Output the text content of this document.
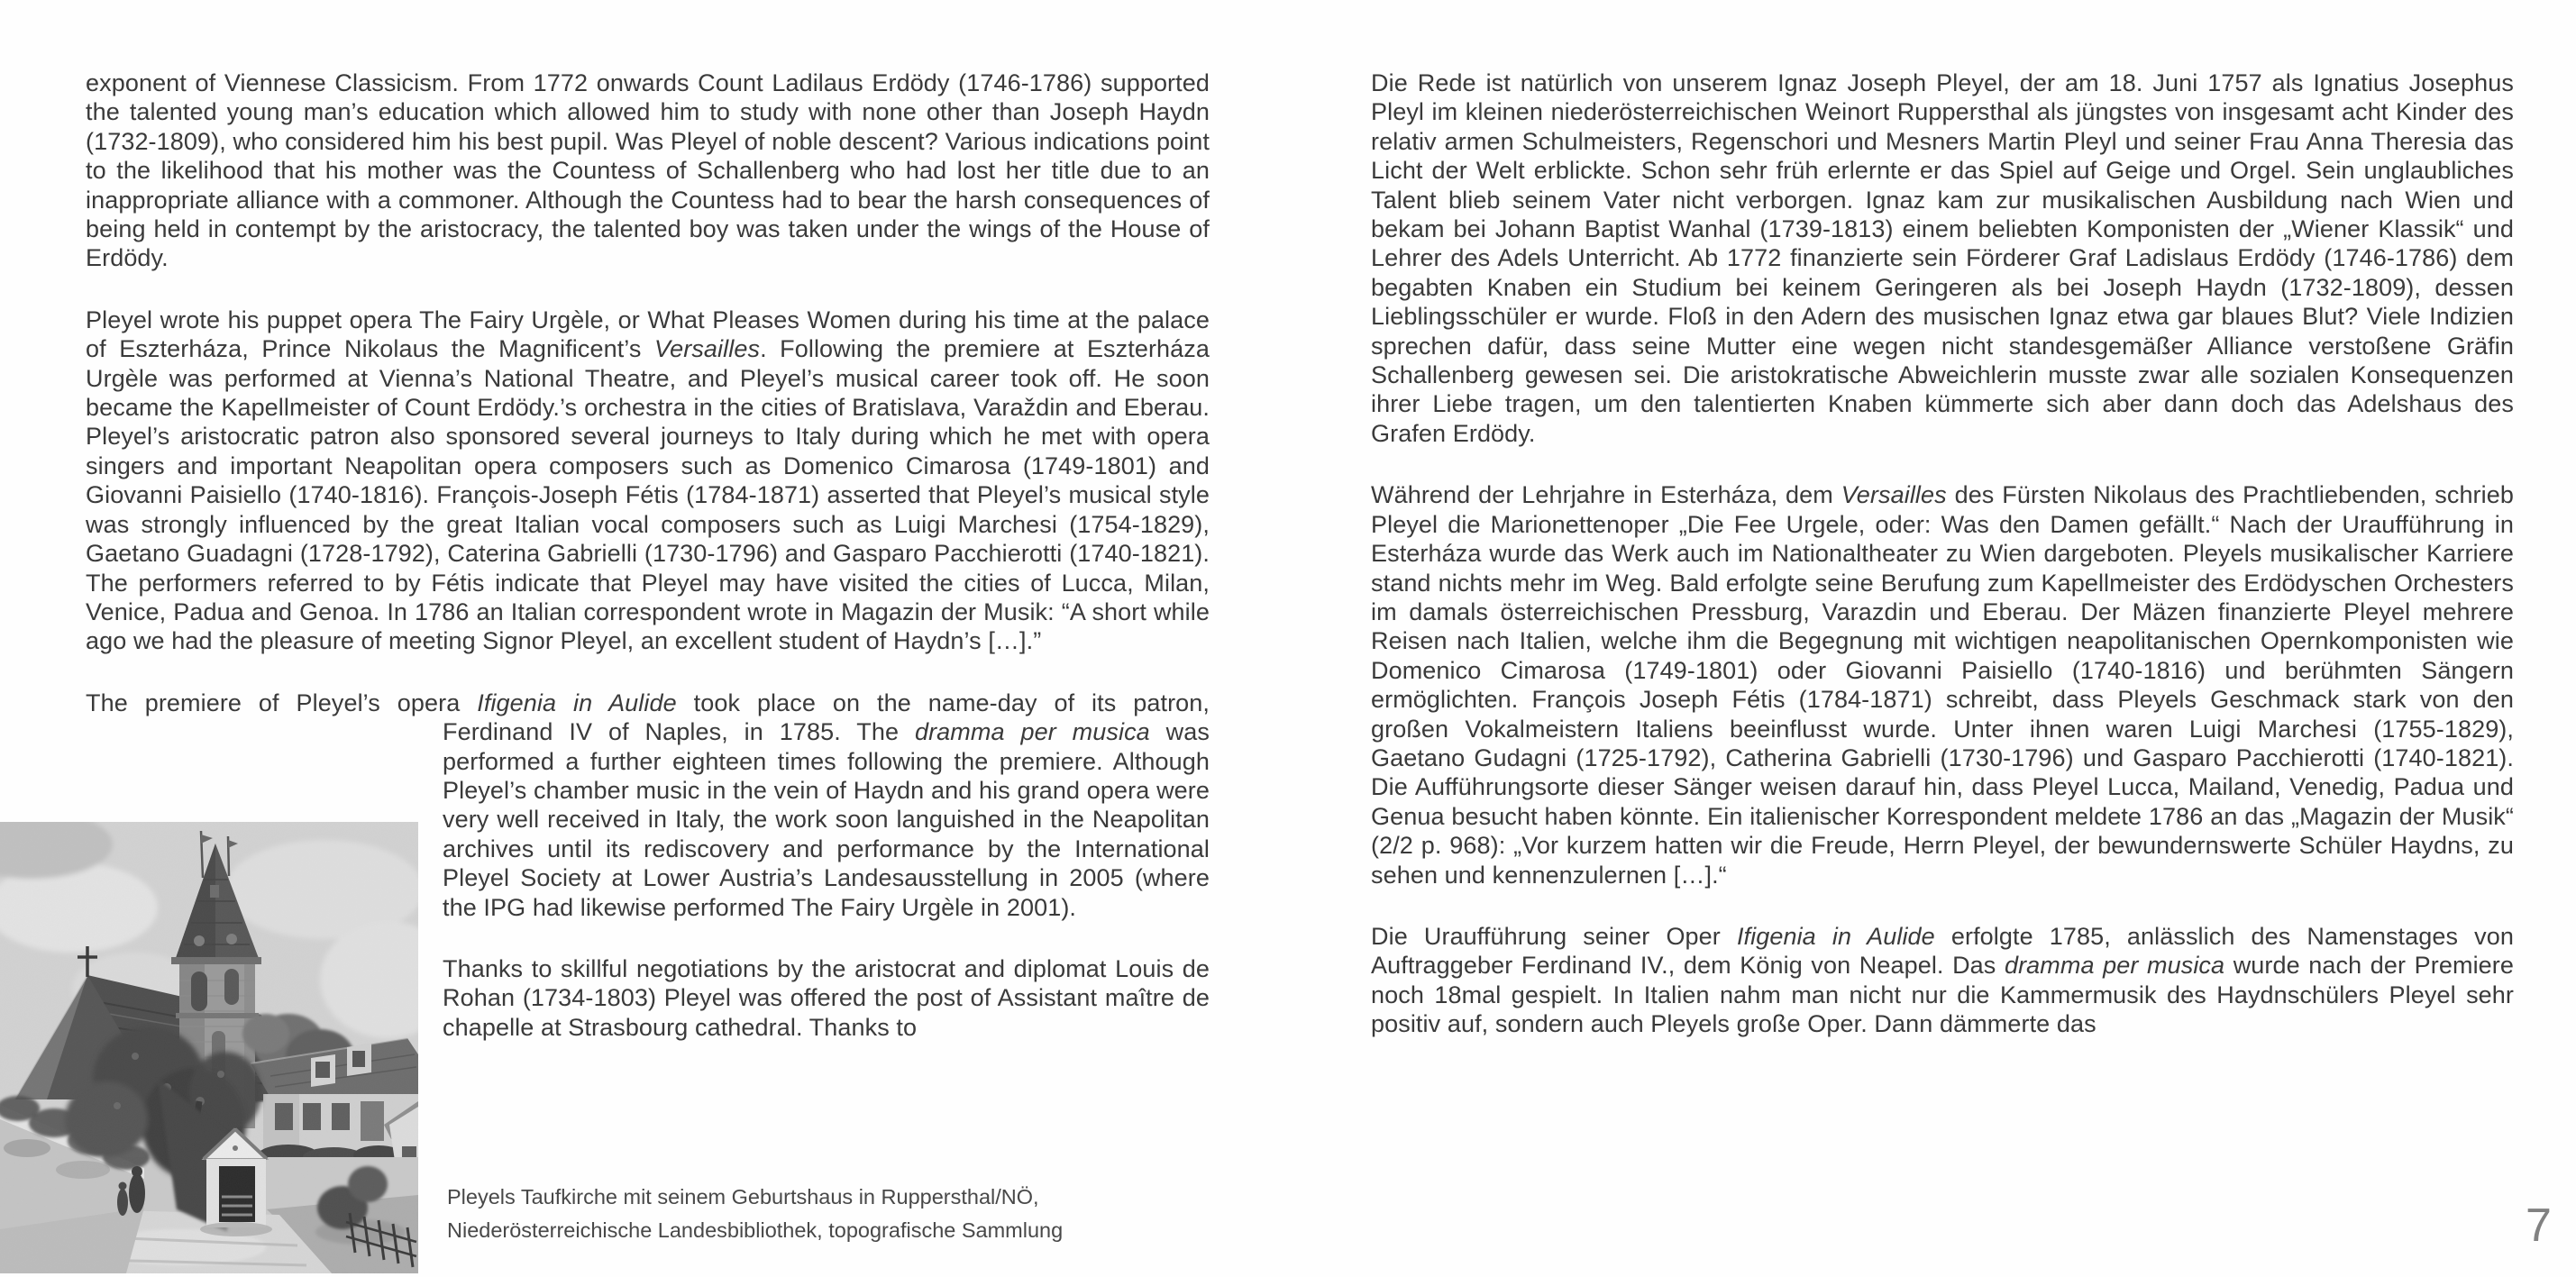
exponent of Viennese Classicism. From 1772 onwards Count Ladilaus Erdödy (1746-1786) supported the talented young man’s education which allowed him to study with none other than Joseph Haydn (1732-1809), who considered him his best pupil. Was Pleyel of noble descent? Various indications point to the likelihood that his mother was the Countess of Schallenberg who had lost her title due to an inappropriate alliance with a commoner. Although the Countess had to bear the harsh consequences of being held in contempt by the aristocracy, the talented boy was taken under the wings of the House of Erdödy.

Pleyel wrote his puppet opera The Fairy Urgèle, or What Pleases Women during his time at the palace of Eszterháza, Prince Nikolaus the Magnificent’s Versailles. Following the premiere at Eszterháza Urgèle was performed at Vienna’s National Theatre, and Pleyel’s musical career took off. He soon became the Kapellmeister of Count Erdödy.’s orchestra in the cities of Bratislava, Varaždin and Eberau. Pleyel’s aristocratic patron also sponsored several journeys to Italy during which he met with opera singers and important Neapolitan opera composers such as Domenico Cimarosa (1749-1801) and Giovanni Paisiello (1740-1816). François-Joseph Fétis (1784-1871) asserted that Pleyel’s musical style was strongly influenced by the great Italian vocal composers such as Luigi Marchesi (1754-1829), Gaetano Guadagni (1728-1792), Caterina Gabrielli (1730-1796) and Gasparo Pacchierotti (1740-1821). The performers referred to by Fétis indicate that Pleyel may have visited the cities of Lucca, Milan, Venice, Padua and Genoa. In 1786 an Italian correspondent wrote in Magazin der Musik: “A short while ago we had the pleasure of meeting Signor Pleyel, an excellent student of Haydn’s […].”

The premiere of Pleyel’s opera Ifigenia in Aulide took place on the name-day of its patron,

Ferdinand IV of Naples, in 1785. The dramma per musica was performed a further eighteen times following the premiere. Although Pleyel’s chamber music in the vein of Haydn and his grand opera were very well received in Italy, the work soon languished in the Neapolitan archives until its rediscovery and performance by the International Pleyel Society at Lower Austria’s Landesausstellung in 2005 (where the IPG had likewise performed The Fairy Urgèle in 2001).

Thanks to skillful negotiations by the aristocrat and diplomat Louis de Rohan (1734-1803) Pleyel was offered the post of Assistant maître de chapelle at Strasbourg cathedral. Thanks to

Pleyels Taufkirche mit seinem Geburtshaus in Ruppersthal/NÖ,
Niederösterreichische Landesbibliothek, topografische Sammlung

Die Rede ist natürlich von unserem Ignaz Joseph Pleyel, der am 18. Juni 1757 als Ignatius Josephus Pleyl im kleinen niederösterreichischen Weinort Ruppersthal als jüngstes von insgesamt acht Kinder des relativ armen Schulmeisters, Regenschori und Mesners Martin Pleyl und seiner Frau Anna Theresia das Licht der Welt erblickte. Schon sehr früh erlernte er das Spiel auf Geige und Orgel. Sein unglaubliches Talent blieb seinem Vater nicht verborgen. Ignaz kam zur musikalischen Ausbildung nach Wien und bekam bei Johann Baptist Wanhal (1739-1813) einem beliebten Komponisten der „Wiener Klassik“ und Lehrer des Adels Unterricht. Ab 1772 finanzierte sein Förderer Graf Ladislaus Erdödy (1746-1786) dem begabten Knaben ein Studium bei keinem Geringeren als bei Joseph Haydn (1732-1809), dessen Lieblingsschüler er wurde. Floß in den Adern des musischen Ignaz etwa gar blaues Blut? Viele Indizien sprechen dafür, dass seine Mutter eine wegen nicht standesgemäßer Alliance verstoßene Gräfin Schallenberg gewesen sei. Die aristokratische Abweichlerin musste zwar alle sozialen Konsequenzen ihrer Liebe tragen, um den talentierten Knaben kümmerte sich aber dann doch das Adelshaus des Grafen Erdödy.

Während der Lehrjahre in Esterháza, dem Versailles des Fürsten Nikolaus des Prachtliebenden, schrieb Pleyel die Marionettenoper „Die Fee Urgele, oder: Was den Damen gefällt.“ Nach der Uraufführung in Esterháza wurde das Werk auch im Nationaltheater zu Wien dargeboten. Pleyels musikalischer Karriere stand nichts mehr im Weg. Bald erfolgte seine Berufung zum Kapellmeister des Erdödyschen Orchesters im damals österreichischen Pressburg, Varazdin und Eberau. Der Mäzen finanzierte Pleyel mehrere Reisen nach Italien, welche ihm die Begegnung mit wichtigen neapolitanischen Opernkomponisten wie Domenico Cimarosa (1749-1801) oder Giovanni Paisiello (1740-1816) und berühmten Sängern ermöglichten. François Joseph Fétis (1784-1871) schreibt, dass Pleyels Geschmack stark von den großen Vokalmeistern Italiens beeinflusst wurde. Unter ihnen waren Luigi Marchesi (1755-1829), Gaetano Gudagni (1725-1792), Catherina Gabrielli (1730-1796) und Gasparo Pacchierotti (1740-1821). Die Aufführungsorte dieser Sänger weisen darauf hin, dass Pleyel Lucca, Mailand, Venedig, Padua und Genua besucht haben könnte. Ein italienischer Korrespondent meldete 1786 an das „Magazin der Musik“ (2/2 p. 968): „Vor kurzem hatten wir die Freude, Herrn Pleyel, der bewundernswerte Schüler Haydns, zu sehen und kennenzulernen […].“

Die Uraufführung seiner Oper Ifigenia in Aulide erfolgte 1785, anlässlich des Namenstages von Auftraggeber Ferdinand IV., dem König von Neapel. Das dramma per musica wurde nach der Premiere noch 18mal gespielt. In Italien nahm man nicht nur die Kammermusik des Haydnschülers Pleyel sehr positiv auf, sondern auch Pleyels große Oper. Dann dämmerte das

7
